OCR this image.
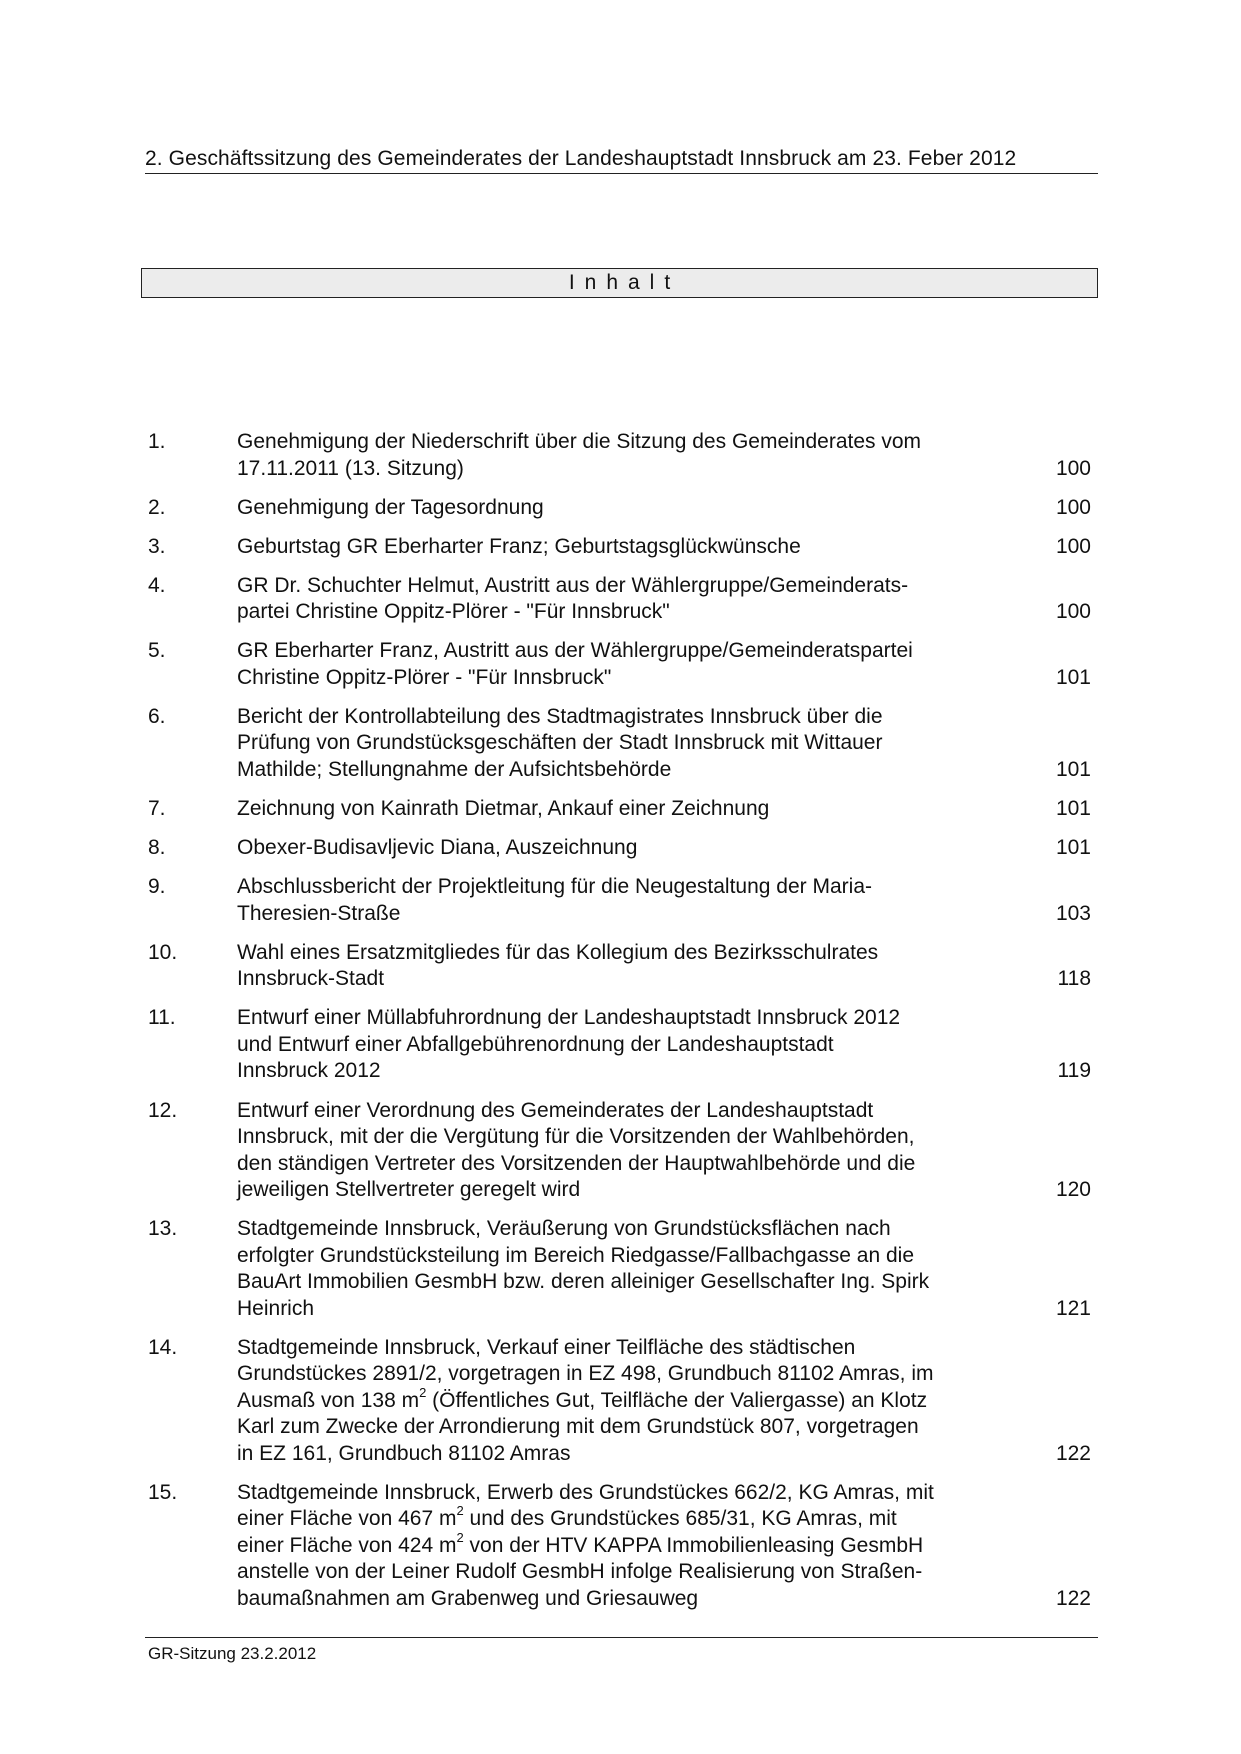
2. Geschäftssitzung des Gemeinderates der Landeshauptstadt Innsbruck am 23. Feber 2012
Inhalt
1.	Genehmigung der Niederschrift über die Sitzung des Gemeinderates vom
17.11.2011 (13. Sitzung)	100
2.	Genehmigung der Tagesordnung	100
3.	Geburtstag GR Eberharter Franz; Geburtstagsglückwünsche	100
4.	GR Dr. Schuchter Helmut, Austritt aus der Wählergruppe/Gemeinderats-
partei Christine Oppitz-Plörer - "Für Innsbruck"	100
5.	GR Eberharter Franz, Austritt aus der Wählergruppe/Gemeinderatspartei
Christine Oppitz-Plörer - "Für Innsbruck"	101
6.	Bericht der Kontrollabteilung des Stadtmagistrates Innsbruck über die
Prüfung von Grundstücksgeschäften der Stadt Innsbruck mit Wittauer
Mathilde; Stellungnahme der Aufsichtsbehörde	101
7.	Zeichnung von Kainrath Dietmar, Ankauf einer Zeichnung	101
8.	Obexer-Budisavljevic Diana, Auszeichnung	101
9.	Abschlussbericht der Projektleitung für die Neugestaltung der Maria-
Theresien-Straße	103
10.	Wahl eines Ersatzmitgliedes für das Kollegium des Bezirksschulrates
Innsbruck-Stadt	118
11.	Entwurf einer Müllabfuhrordnung der Landeshauptstadt Innsbruck 2012
und Entwurf einer Abfallgebührenordnung der Landeshauptstadt
Innsbruck 2012	119
12.	Entwurf einer Verordnung des Gemeinderates der Landeshauptstadt
Innsbruck, mit der die Vergütung für die Vorsitzenden der Wahlbehörden,
den ständigen Vertreter des Vorsitzenden der Hauptwahlbehörde und die
jeweiligen Stellvertreter geregelt wird	120
13.	Stadtgemeinde Innsbruck, Veräußerung von Grundstücksflächen nach
erfolgter Grundstücksteilung im Bereich Riedgasse/Fallbachgasse an die
BauArt Immobilien GesmbH bzw. deren alleiniger Gesellschafter Ing. Spirk
Heinrich	121
14.	Stadtgemeinde Innsbruck, Verkauf einer Teilfläche des städtischen
Grundstückes 2891/2, vorgetragen in EZ 498, Grundbuch 81102 Amras, im
Ausmaß von 138 $m^2$ (Öffentliches Gut, Teilfläche der Valiergasse) an Klotz
Karl zum Zwecke der Arrondierung mit dem Grundstück 807, vorgetragen
in EZ 161, Grundbuch 81102 Amras	122
15.	Stadtgemeinde Innsbruck, Erwerb des Grundstückes 662/2, KG Amras, mit
einer Fläche von 467 $m^2$ und des Grundstückes 685/31, KG Amras, mit
einer Fläche von 424 $m^2$ von der HTV KAPPA Immobilienleasing GesmbH
anstelle von der Leiner Rudolf GesmbH infolge Realisierung von Straßen-
baumaßnahmen am Grabenweg und Griesauweg	122
GR-Sitzung 23.2.2012
